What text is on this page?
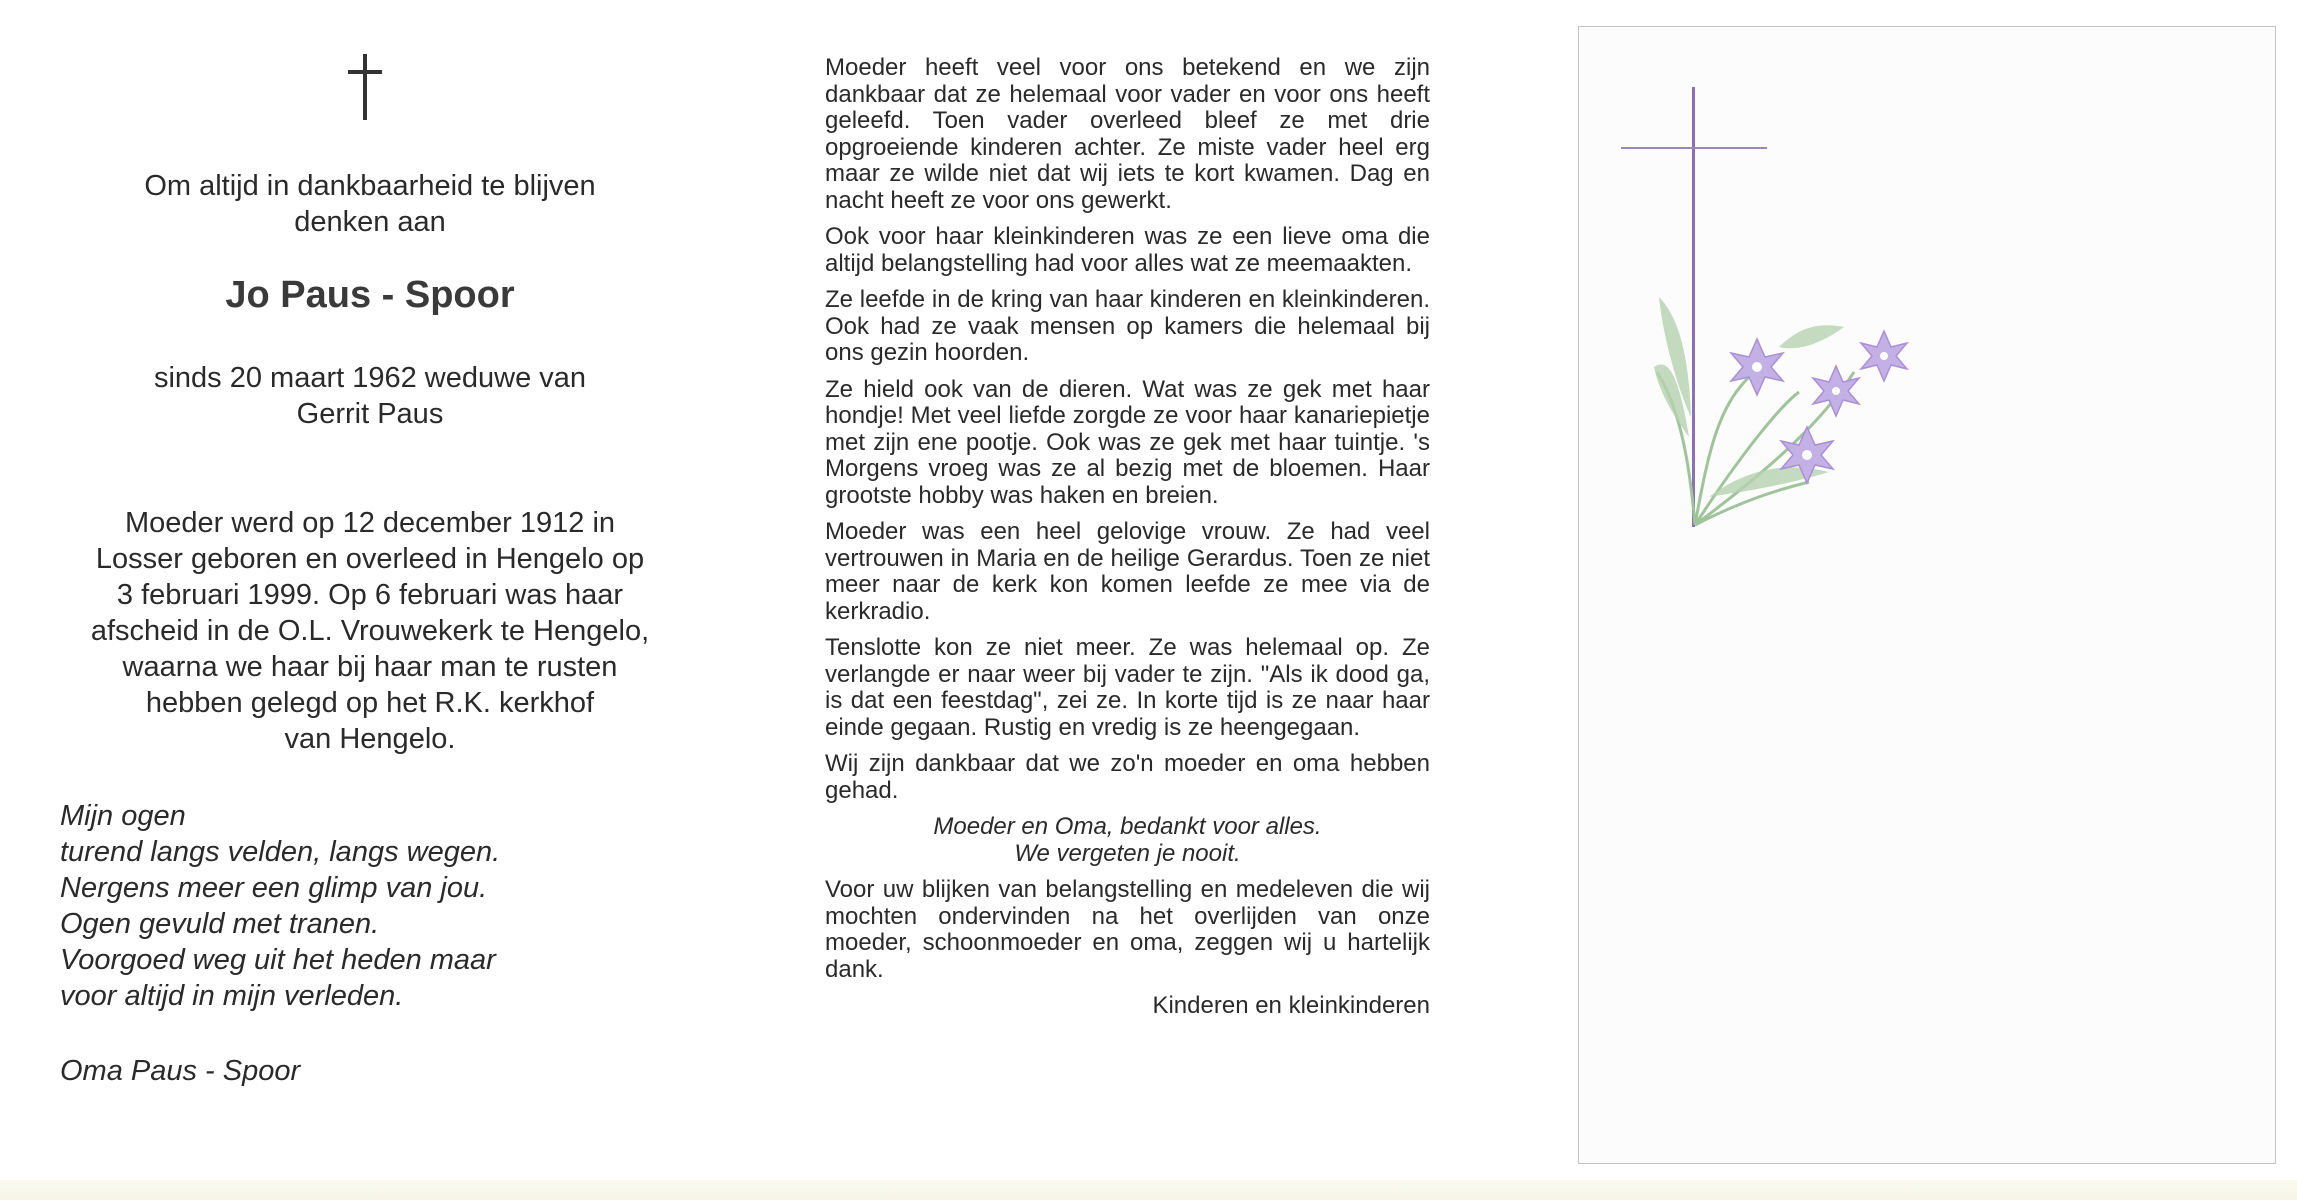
Om altijd in dankbaarheid te blijven
denken aan
Jo Paus - Spoor
sinds 20 maart 1962 weduwe van
Gerrit Paus
Moeder werd op 12 december 1912 in
Losser geboren en overleed in Hengelo op
3 februari 1999. Op 6 februari was haar
afscheid in de O.L. Vrouwekerk te Hengelo,
waarna we haar bij haar man te rusten
hebben gelegd op het R.K. kerkhof
van Hengelo.
Mijn ogen
turend langs velden, langs wegen.
Nergens meer een glimp van jou.
Ogen gevuld met tranen.
Voorgoed weg uit het heden maar
voor altijd in mijn verleden.
Oma Paus - Spoor

Moeder heeft veel voor ons betekend en we zijn dankbaar dat ze helemaal voor vader en voor ons heeft geleefd. Toen vader overleed bleef ze met drie opgroeiende kinderen achter. Ze miste vader heel erg maar ze wilde niet dat wij iets te kort kwamen. Dag en nacht heeft ze voor ons gewerkt.

Ook voor haar kleinkinderen was ze een lieve oma die altijd belangstelling had voor alles wat ze meemaakten.

Ze leefde in de kring van haar kinderen en kleinkinderen. Ook had ze vaak mensen op kamers die helemaal bij ons gezin hoorden.

Ze hield ook van de dieren. Wat was ze gek met haar hondje! Met veel liefde zorgde ze voor haar kanariepietje met zijn ene pootje. Ook was ze gek met haar tuintje. 's Morgens vroeg was ze al bezig met de bloemen. Haar grootste hobby was haken en breien.

Moeder was een heel gelovige vrouw. Ze had veel vertrouwen in Maria en de heilige Gerardus. Toen ze niet meer naar de kerk kon komen leefde ze mee via de kerkradio.

Tenslotte kon ze niet meer. Ze was helemaal op. Ze verlangde er naar weer bij vader te zijn. "Als ik dood ga, is dat een feestdag", zei ze. In korte tijd is ze naar haar einde gegaan. Rustig en vredig is ze heengegaan.

Wij zijn dankbaar dat we zo'n moeder en oma hebben gehad.

Moeder en Oma, bedankt voor alles.
We vergeten je nooit.

Voor uw blijken van belangstelling en medeleven die wij mochten ondervinden na het overlijden van onze moeder, schoonmoeder en oma, zeggen wij u hartelijk dank.

Kinderen en kleinkinderen
